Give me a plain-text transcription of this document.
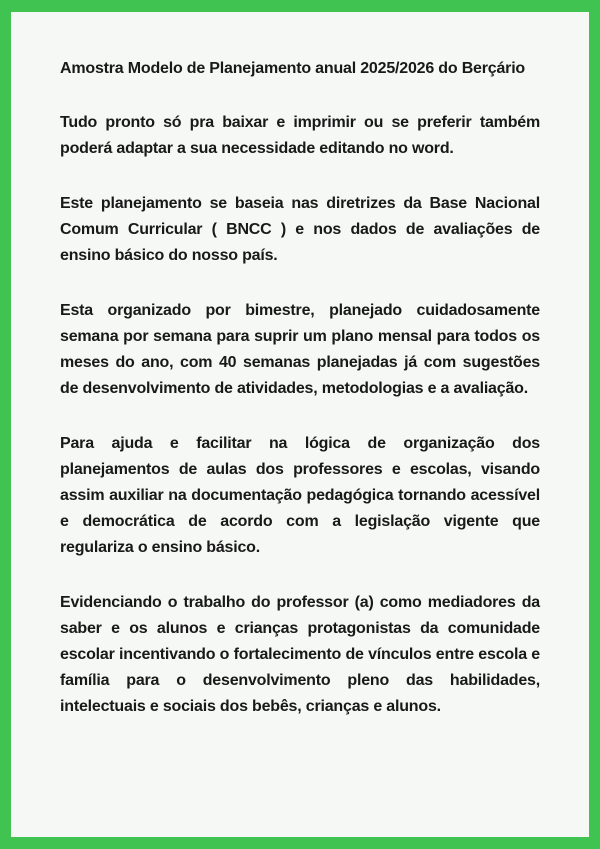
Amostra Modelo de Planejamento anual 2025/2026 do Berçário

Tudo pronto só pra baixar e imprimir ou se preferir também poderá adaptar a sua necessidade editando no word.

Este planejamento se baseia nas diretrizes da Base Nacional Comum Curricular ( BNCC ) e nos dados de avaliações de ensino básico do nosso país.

Esta organizado por bimestre, planejado cuidadosamente semana por semana para suprir um plano mensal para todos os meses do ano, com 40 semanas planejadas já com sugestões de desenvolvimento de atividades, metodologias e a avaliação.

Para ajuda e facilitar na lógica de organização dos planejamentos de aulas dos professores e escolas, visando assim auxiliar na documentação pedagógica tornando acessível e democrática de acordo com a legislação vigente que regulariza o ensino básico.

Evidenciando o trabalho do professor (a) como mediadores da saber e os alunos e crianças protagonistas da comunidade escolar incentivando o fortalecimento de vínculos entre escola e família para o desenvolvimento pleno das habilidades, intelectuais e sociais dos bebês, crianças e alunos.
